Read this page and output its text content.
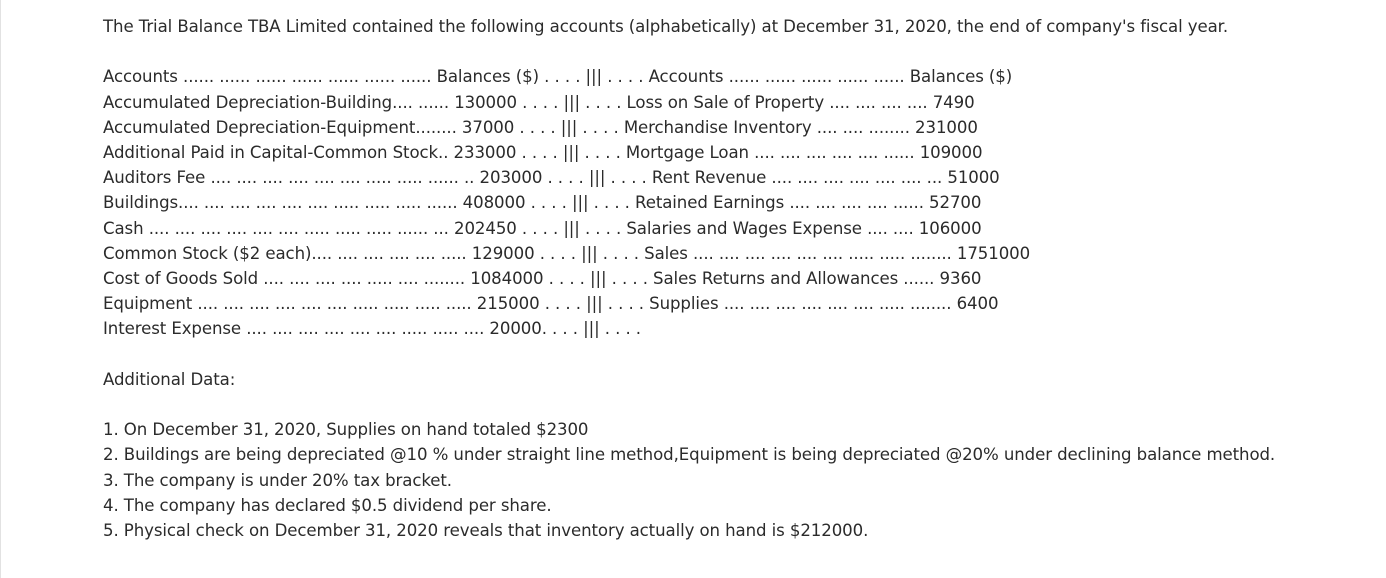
The Trial Balance TBA Limited contained the following accounts (alphabetically) at December 31, 2020, the end of company's fiscal year.
Accounts ...... ...... ...... ...... ...... ...... ...... Balances ($) . . . . ||| . . . . Accounts ...... ...... ...... ...... ...... Balances ($)
Accumulated Depreciation-Building.... ...... 130000 . . . . ||| . . . . Loss on Sale of Property .... .... .... .... 7490
Accumulated Depreciation-Equipment........ 37000 . . . . ||| . . . . Merchandise Inventory .... .... ........ 231000
Additional Paid in Capital-Common Stock.. 233000 . . . . ||| . . . . Mortgage Loan .... .... .... .... .... ...... 109000
Auditors Fee .... .... .... .... .... .... ..... ..... ...... .. 203000 . . . . ||| . . . . Rent Revenue .... .... .... .... .... .... ... 51000
Buildings.... .... .... .... .... .... ..... ..... ..... ...... 408000 . . . . ||| . . . . Retained Earnings .... .... .... .... ...... 52700
Cash .... .... .... .... .... .... ..... ..... ..... ...... ... 202450 . . . . ||| . . . . Salaries and Wages Expense .... .... 106000
Common Stock ($2 each).... .... .... .... .... ..... 129000 . . . . ||| . . . . Sales .... .... .... .... .... .... ..... ..... ........ 1751000
Cost of Goods Sold .... .... .... .... ..... .... ........ 1084000 . . . . ||| . . . . Sales Returns and Allowances ...... 9360
Equipment .... .... .... .... .... .... ..... ..... ..... ..... 215000 . . . . ||| . . . . Supplies .... .... .... .... .... .... ..... ........ 6400
Interest Expense .... .... .... .... .... .... ..... ..... .... 20000. . . . ||| . . . .
Additional Data:
1. On December 31, 2020, Supplies on hand totaled $2300
2. Buildings are being depreciated @10 % under straight line method,Equipment is being depreciated @20% under declining balance method.
3. The company is under 20% tax bracket.
4. The company has declared $0.5 dividend per share.
5. Physical check on December 31, 2020 reveals that inventory actually on hand is $212000.
